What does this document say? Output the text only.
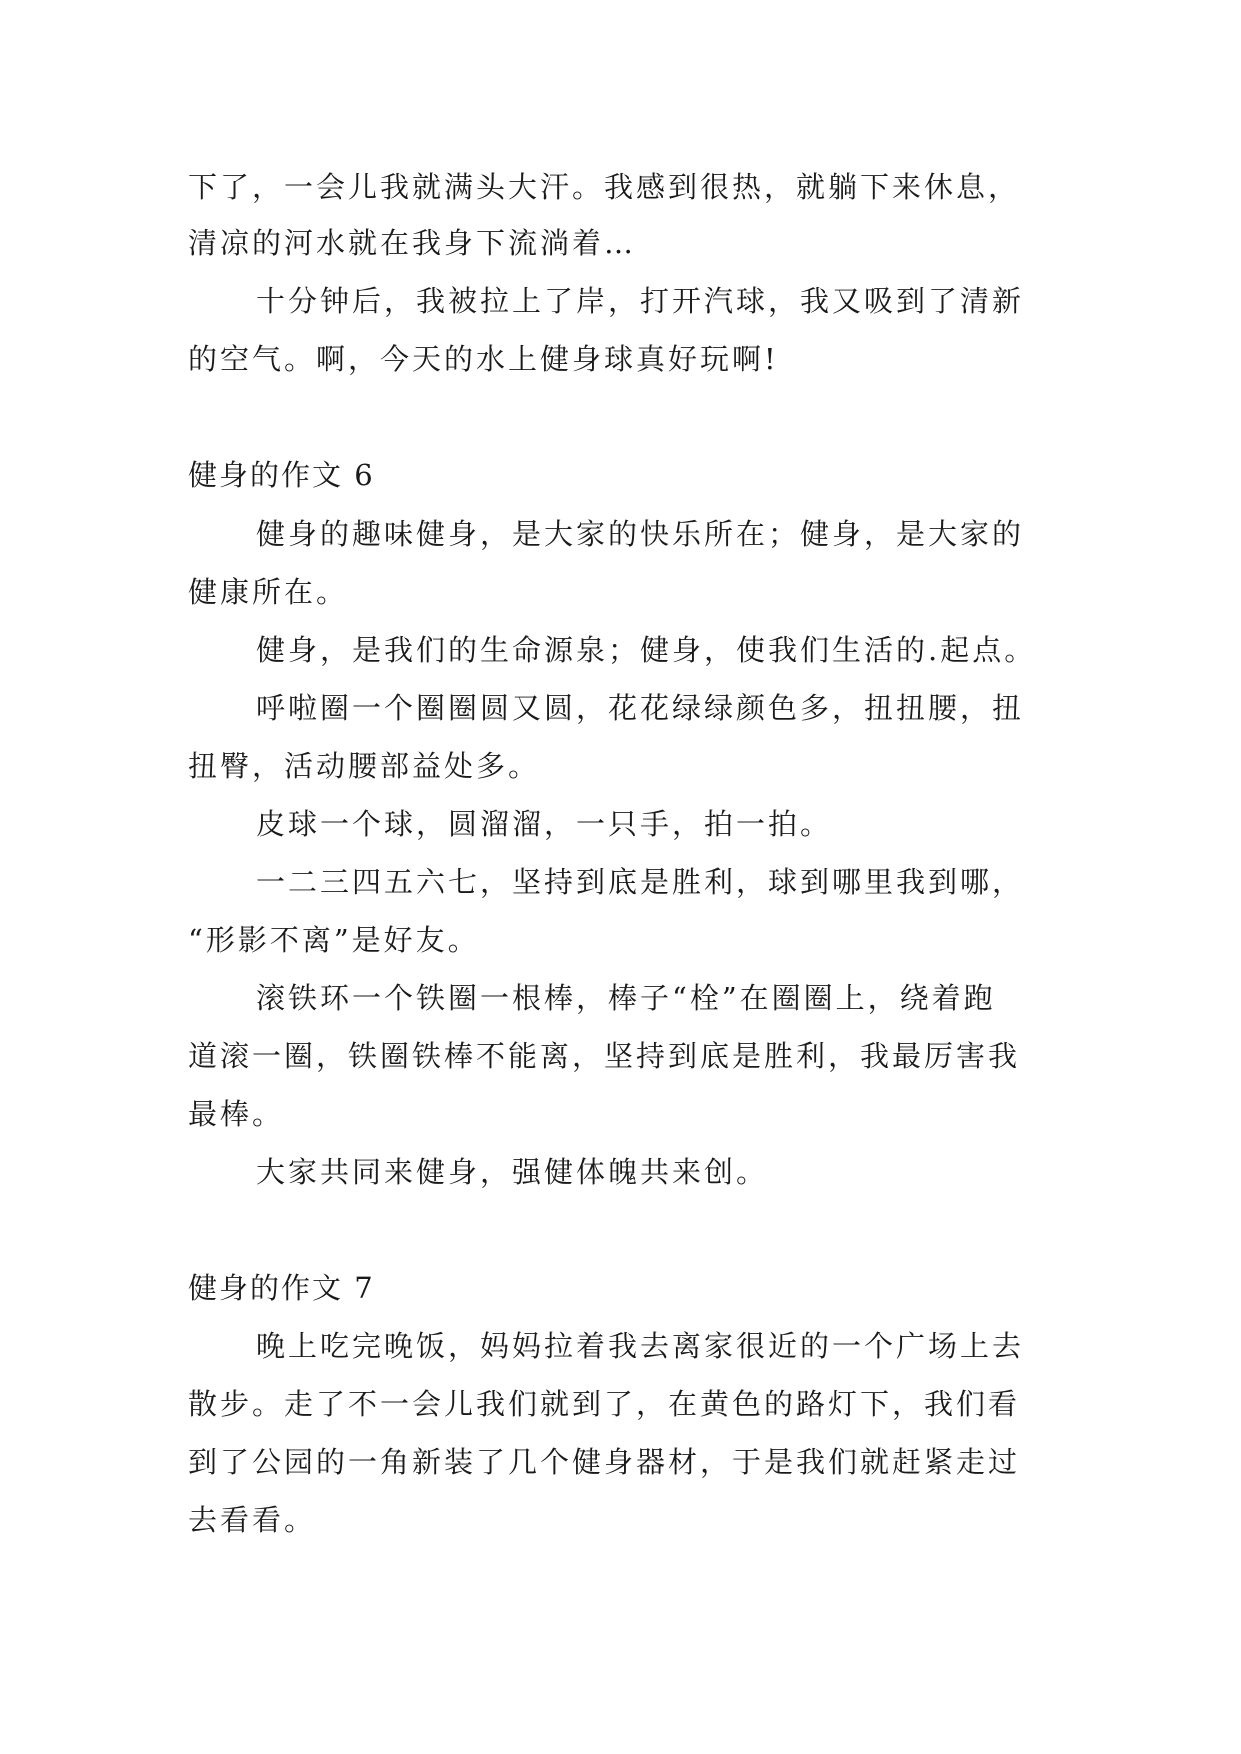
下了，一会儿我就满头大汗。我感到很热，就躺下来休息，
清凉的河水就在我身下流淌着…
十分钟后，我被拉上了岸，打开汽球，我又吸到了清新
的空气。啊，今天的水上健身球真好玩啊!
健身的作文 6
健身的趣味健身，是大家的快乐所在；健身，是大家的
健康所在。
健身，是我们的生命源泉；健身，使我们生活的.起点。
呼啦圈一个圈圈圆又圆，花花绿绿颜色多，扭扭腰，扭
扭臀，活动腰部益处多。
皮球一个球，圆溜溜，一只手，拍一拍。
一二三四五六七，坚持到底是胜利，球到哪里我到哪，
“形影不离”是好友。
滚铁环一个铁圈一根棒，棒子“栓”在圈圈上，绕着跑
道滚一圈，铁圈铁棒不能离，坚持到底是胜利，我最厉害我
最棒。
大家共同来健身，强健体魄共来创。
健身的作文 7
晚上吃完晚饭，妈妈拉着我去离家很近的一个广场上去
散步。走了不一会儿我们就到了，在黄色的路灯下，我们看
到了公园的一角新装了几个健身器材，于是我们就赶紧走过
去看看。
